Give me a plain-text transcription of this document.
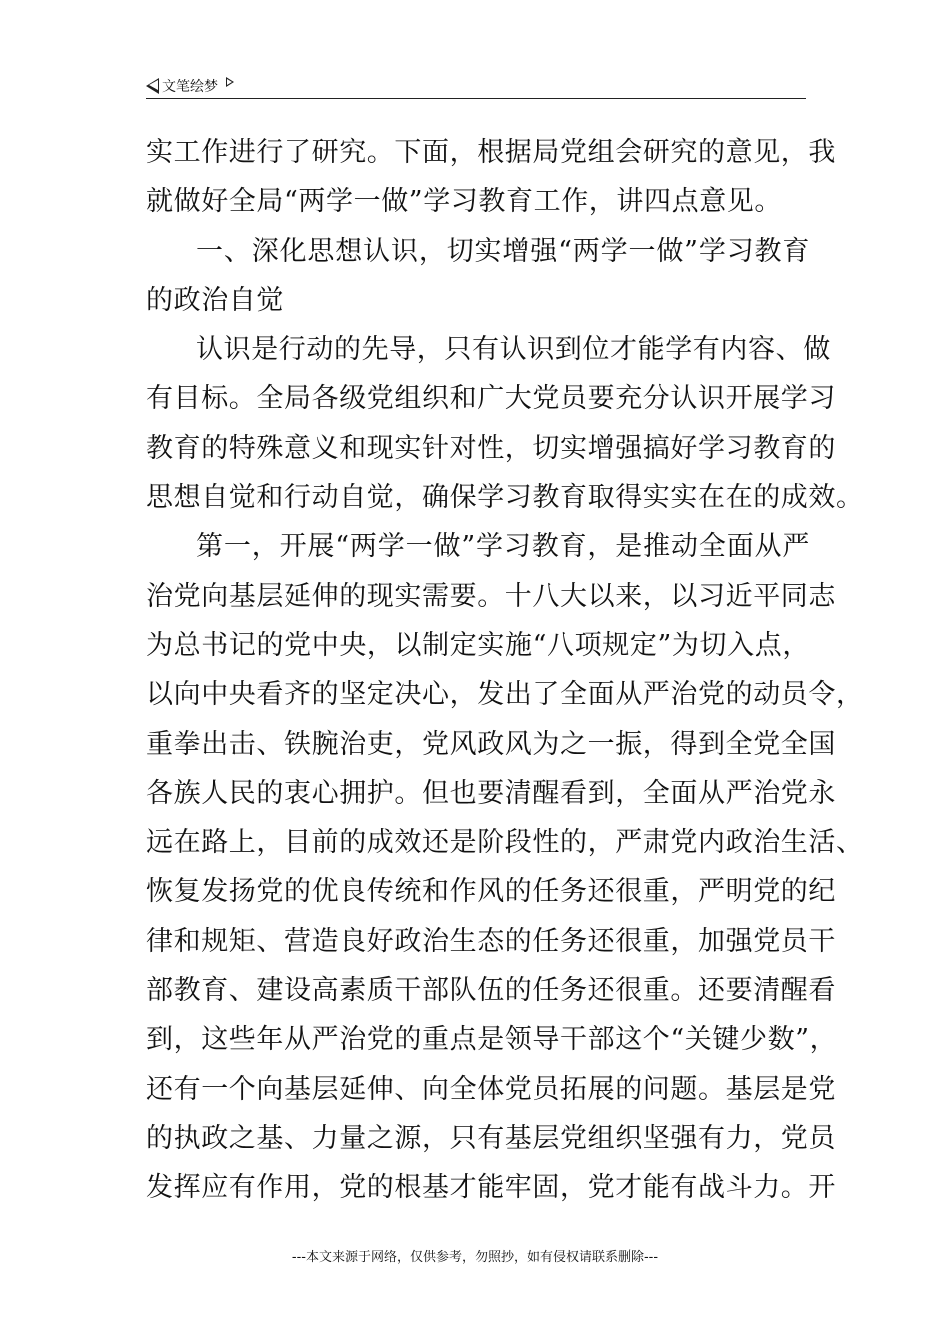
文笔绘梦
实工作进行了研究。下面，根据局党组会研究的意见，我
就做好全局“两学一做”学习教育工作，讲四点意见。
一、深化思想认识，切实增强“两学一做”学习教育
的政治自觉
认识是行动的先导，只有认识到位才能学有内容、做
有目标。全局各级党组织和广大党员要充分认识开展学习
教育的特殊意义和现实针对性，切实增强搞好学习教育的
思想自觉和行动自觉，确保学习教育取得实实在在的成效。
第一，开展“两学一做”学习教育，是推动全面从严
治党向基层延伸的现实需要。十八大以来，以习近平同志
为总书记的党中央，以制定实施“八项规定”为切入点，
以向中央看齐的坚定决心，发出了全面从严治党的动员令，
重拳出击、铁腕治吏，党风政风为之一振，得到全党全国
各族人民的衷心拥护。但也要清醒看到，全面从严治党永
远在路上，目前的成效还是阶段性的，严肃党内政治生活、
恢复发扬党的优良传统和作风的任务还很重，严明党的纪
律和规矩、营造良好政治生态的任务还很重，加强党员干
部教育、建设高素质干部队伍的任务还很重。还要清醒看
到，这些年从严治党的重点是领导干部这个“关键少数”，
还有一个向基层延伸、向全体党员拓展的问题。基层是党
的执政之基、力量之源，只有基层党组织坚强有力，党员
发挥应有作用，党的根基才能牢固，党才能有战斗力。开
---本文来源于网络，仅供参考，勿照抄，如有侵权请联系删除---
